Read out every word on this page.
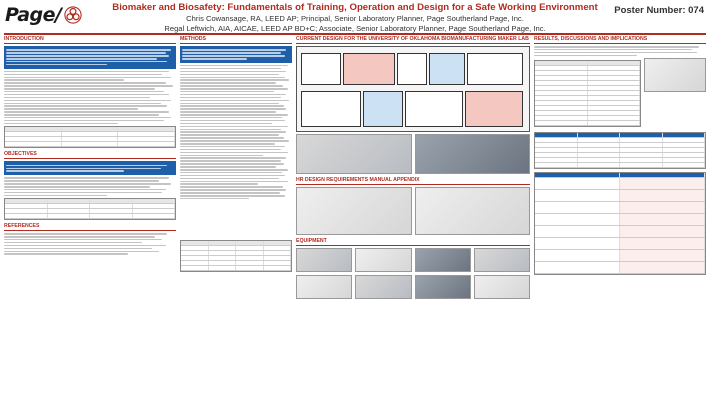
Page/	Biomaker and Biosafety: Fundamentals of Training, Operation and Design for a Safe Working Environment
Chris Cowansage, RA, LEED AP; Principal, Senior Laboratory Planner, Page Southerland Page, Inc.
Regal Leftwich, AIA, AICAE, LEED AP BD+C; Associate, Senior Laboratory Planner, Page Southerland Page, Inc.
Poster Number: 074
INTRODUCTION
OBJECTIVES
REFERENCES
METHODS	CURRENT DESIGN FOR THE UNIVERSITY OF OKLAHOMA BIOMANUFACTURING MAKER LAB
HR DESIGN REQUIREMENTS MANUAL APPENDIX
EQUIPMENT
RESULTS, DISCUSSIONS AND IMPLICATIONS
